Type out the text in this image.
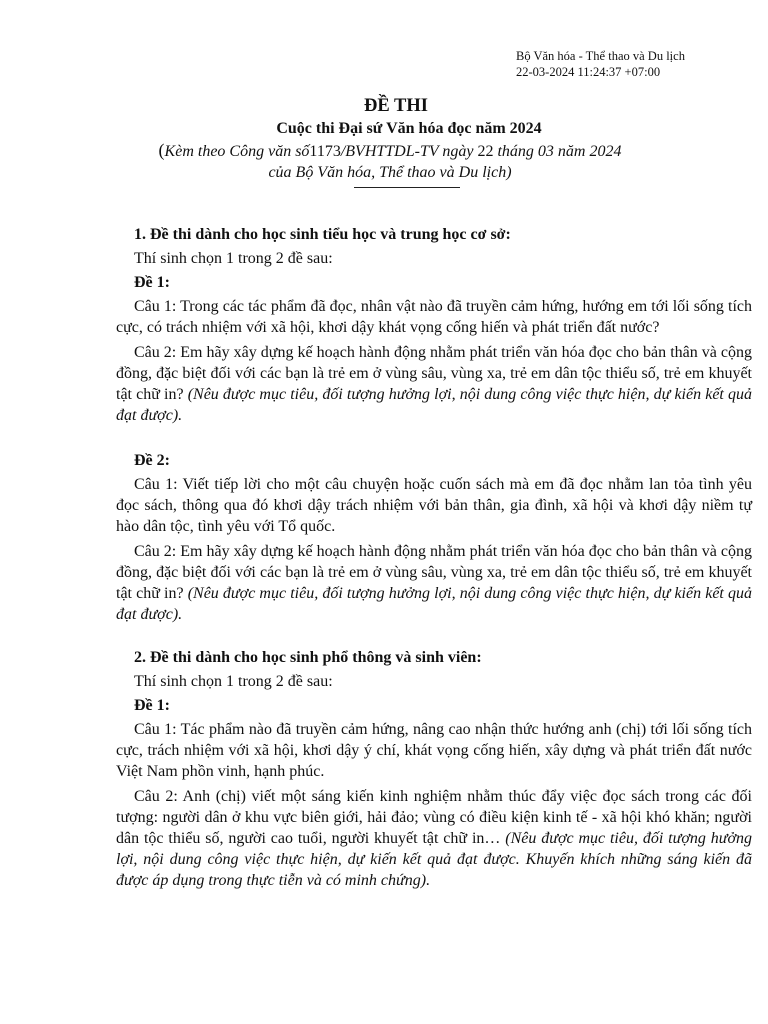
Bộ Văn hóa - Thể thao và Du lịch
22-03-2024 11:24:37 +07:00
ĐỀ THI
Cuộc thi Đại sứ Văn hóa đọc năm 2024
(Kèm theo Công văn số1173/BVHTTDL-TV ngày 22 tháng 03 năm 2024
của Bộ Văn hóa, Thể thao và Du lịch)
1. Đề thi dành cho học sinh tiểu học và trung học cơ sở:
Thí sinh chọn 1 trong 2 đề sau:
Đề 1:

Câu 1: Trong các tác phẩm đã đọc, nhân vật nào đã truyền cảm hứng, hướng em tới lối sống tích cực, có trách nhiệm với xã hội, khơi dậy khát vọng cống hiến và phát triển đất nước?

Câu 2: Em hãy xây dựng kế hoạch hành động nhằm phát triển văn hóa đọc cho bản thân và cộng đồng, đặc biệt đối với các bạn là trẻ em ở vùng sâu, vùng xa, trẻ em dân tộc thiểu số, trẻ em khuyết tật chữ in? (Nêu được mục tiêu, đối tượng hưởng lợi, nội dung công việc thực hiện, dự kiến kết quả đạt được).

Đề 2:

Câu 1: Viết tiếp lời cho một câu chuyện hoặc cuốn sách mà em đã đọc nhằm lan tỏa tình yêu đọc sách, thông qua đó khơi dậy trách nhiệm với bản thân, gia đình, xã hội và khơi dậy niềm tự hào dân tộc, tình yêu với Tổ quốc.

Câu 2: Em hãy xây dựng kế hoạch hành động nhằm phát triển văn hóa đọc cho bản thân và cộng đồng, đặc biệt đối với các bạn là trẻ em ở vùng sâu, vùng xa, trẻ em dân tộc thiểu số, trẻ em khuyết tật chữ in? (Nêu được mục tiêu, đối tượng hưởng lợi, nội dung công việc thực hiện, dự kiến kết quả đạt được).

2. Đề thi dành cho học sinh phổ thông và sinh viên:
Thí sinh chọn 1 trong 2 đề sau:
Đề 1:

Câu 1: Tác phẩm nào đã truyền cảm hứng, nâng cao nhận thức hướng anh (chị) tới lối sống tích cực, trách nhiệm với xã hội, khơi dậy ý chí, khát vọng cống hiến, xây dựng và phát triển đất nước Việt Nam phồn vinh, hạnh phúc.

Câu 2: Anh (chị) viết một sáng kiến kinh nghiệm nhằm thúc đẩy việc đọc sách trong các đối tượng: người dân ở khu vực biên giới, hải đảo; vùng có điều kiện kinh tế - xã hội khó khăn; người dân tộc thiểu số, người cao tuổi, người khuyết tật chữ in… (Nêu được mục tiêu, đối tượng hưởng lợi, nội dung công việc thực hiện, dự kiến kết quả đạt được. Khuyến khích những sáng kiến đã được áp dụng trong thực tiễn và có minh chứng).
